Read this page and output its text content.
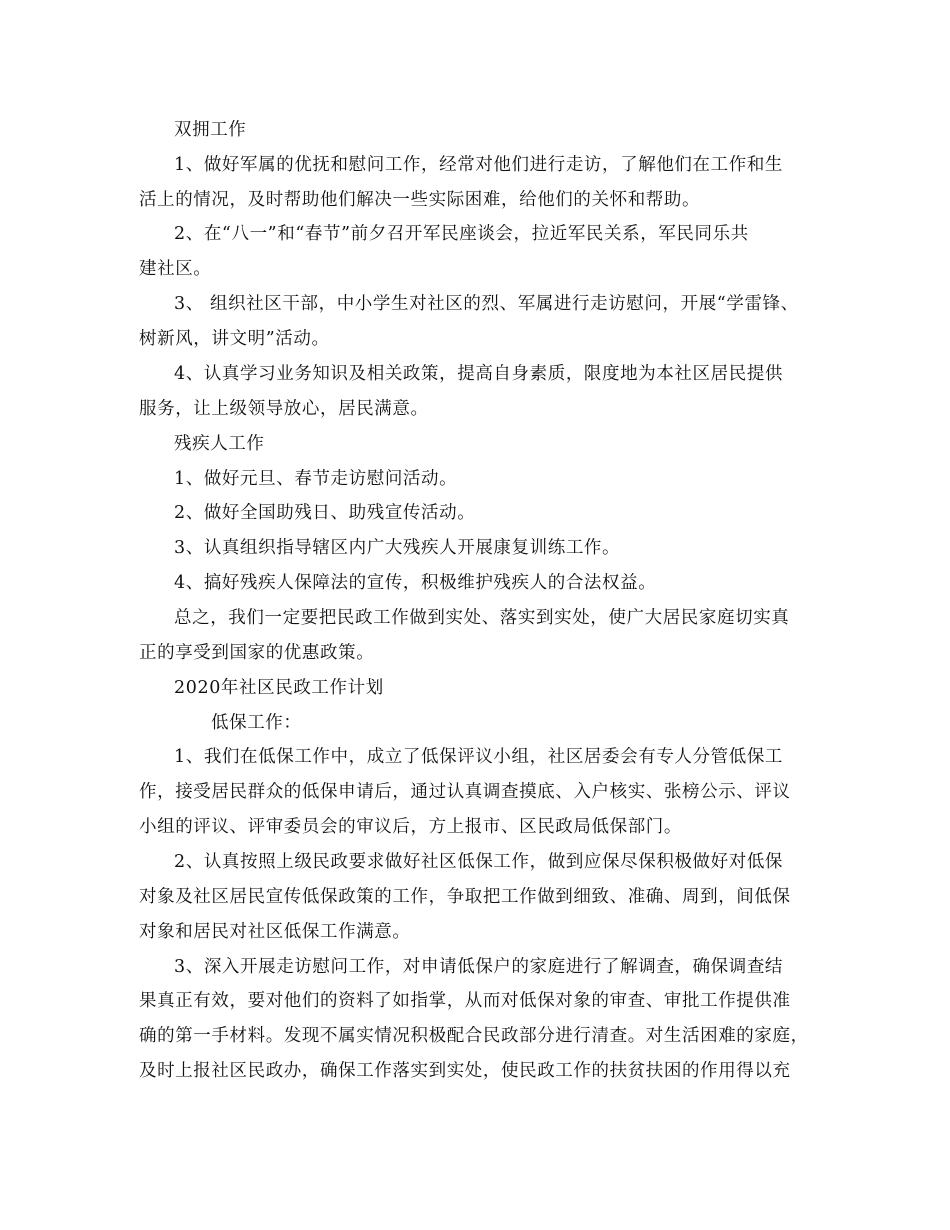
双拥工作
1、做好军属的优抚和慰问工作，经常对他们进行走访，了解他们在工作和生
活上的情况，及时帮助他们解决一些实际困难，给他们的关怀和帮助。
2、在“八一”和“春节”前夕召开军民座谈会，拉近军民关系，军民同乐共
建社区。
3、 组织社区干部，中小学生对社区的烈、军属进行走访慰问，开展“学雷锋、
树新风，讲文明”活动。
4、认真学习业务知识及相关政策，提高自身素质，限度地为本社区居民提供
服务，让上级领导放心，居民满意。
残疾人工作
1、做好元旦、春节走访慰问活动。
2、做好全国助残日、助残宣传活动。
3、认真组织指导辖区内广大残疾人开展康复训练工作。
4、搞好残疾人保障法的宣传，积极维护残疾人的合法权益。
总之，我们一定要把民政工作做到实处、落实到实处，使广大居民家庭切实真
正的享受到国家的优惠政策。
2020年社区民政工作计划
低保工作：
1、我们在低保工作中，成立了低保评议小组，社区居委会有专人分管低保工
作，接受居民群众的低保申请后，通过认真调查摸底、入户核实、张榜公示、评议
小组的评议、评审委员会的审议后，方上报市、区民政局低保部门。
2、认真按照上级民政要求做好社区低保工作，做到应保尽保积极做好对低保
对象及社区居民宣传低保政策的工作，争取把工作做到细致、准确、周到，间低保
对象和居民对社区低保工作满意。
3、深入开展走访慰问工作，对申请低保户的家庭进行了解调查，确保调查结
果真正有效，要对他们的资料了如指掌，从而对低保对象的审查、审批工作提供准
确的第一手材料。发现不属实情况积极配合民政部分进行清查。对生活困难的家庭，
及时上报社区民政办，确保工作落实到实处，使民政工作的扶贫扶困的作用得以充
